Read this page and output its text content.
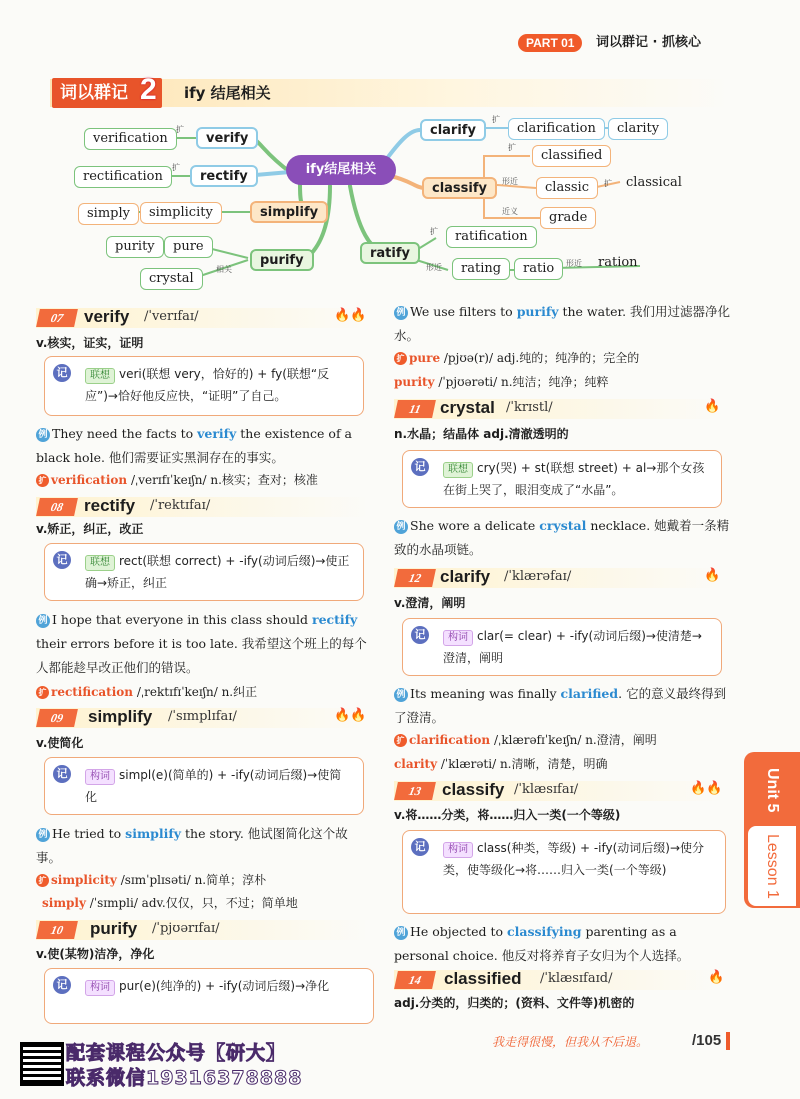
PART 01	词以群记 · 抓核心
词以群记 2 ify 结尾相关
ify结尾相关
verify
verification
扩
rectify
rectification
扩
simplify
simplicity
simply
purify
pure
purity
crystal
相关
clarify	clarification	clarity
扩
classify
classified
classic	classical
grade
扩
形近
近义
扩
ratify
ratification
rating	ratio	ration
扩
形近	形近
07	verify /ˈverɪfaɪ/	🔥🔥
v.核实，证实，证明
记	联想 veri(联想 very，恰好的) + fy(联想“反应”)→恰好他反应快，“证明”了自己。
例 They need the facts to verify the existence of a black hole. 他们需要证实黑洞存在的事实。
扩 verification /ˌverɪfɪˈkeɪʃn/ n.核实；查对；核准
08	rectify /ˈrektɪfaɪ/
v.矫正，纠正，改正
记	联想 rect(联想 correct) + -ify(动词后缀)→使正确→矫正，纠正
例 I hope that everyone in this class should rectify their errors before it is too late. 我希望这个班上的每个人都能趁早改正他们的错误。
扩 rectification /ˌrektɪfɪˈkeɪʃn/ n.纠正
09	simplify /ˈsɪmplɪfaɪ/	🔥🔥
v.使简化
记	构词 simpl(e)(简单的) + -ify(动词后缀)→使简化
例 He tried to simplify the story. 他试图简化这个故事。
扩 simplicity /sɪmˈplɪsəti/ n.简单；淳朴
simply /ˈsɪmpli/ adv.仅仅，只，不过；简单地
10	purify /ˈpjʊərɪfaɪ/
v.使(某物)洁净，净化
记	构词 pur(e)(纯净的) + -ify(动词后缀)→净化
例 We use filters to purify the water. 我们用过滤器净化水。
扩 pure /pjʊə(r)/ adj.纯的；纯净的；完全的
purity /ˈpjʊərəti/ n.纯洁；纯净；纯粹
11	crystal /ˈkrɪstl/	🔥
n.水晶；结晶体 adj.清澈透明的
记	联想 cry(哭) + st(联想 street) + al→那个女孩在街上哭了，眼泪变成了“水晶”。
例 She wore a delicate crystal necklace. 她戴着一条精致的水晶项链。
12	clarify /ˈklærəfaɪ/	🔥
v.澄清，阐明
记	构词 clar(= clear) + -ify(动词后缀)→使清楚→澄清，阐明
例 Its meaning was finally clarified. 它的意义最终得到了澄清。
扩 clarification /ˌklærəfɪˈkeɪʃn/ n.澄清，阐明
clarity /ˈklærəti/ n.清晰，清楚，明确
13	classify /ˈklæsɪfaɪ/	🔥🔥
v.将……分类，将……归入一类(一个等级)
记	构词 class(种类，等级) + -ify(动词后缀)→使分类，使等级化→将……归入一类(一个等级)
例 He objected to classifying parenting as a personal choice. 他反对将养育子女归为个人选择。
14	classified /ˈklæsɪfaɪd/	🔥
adj.分类的，归类的；(资料、文件等)机密的
Unit 5
Lesson 1
我走得很慢，但我从不后退。	/105
配套课程公众号【研大】
联系微信19316378888
